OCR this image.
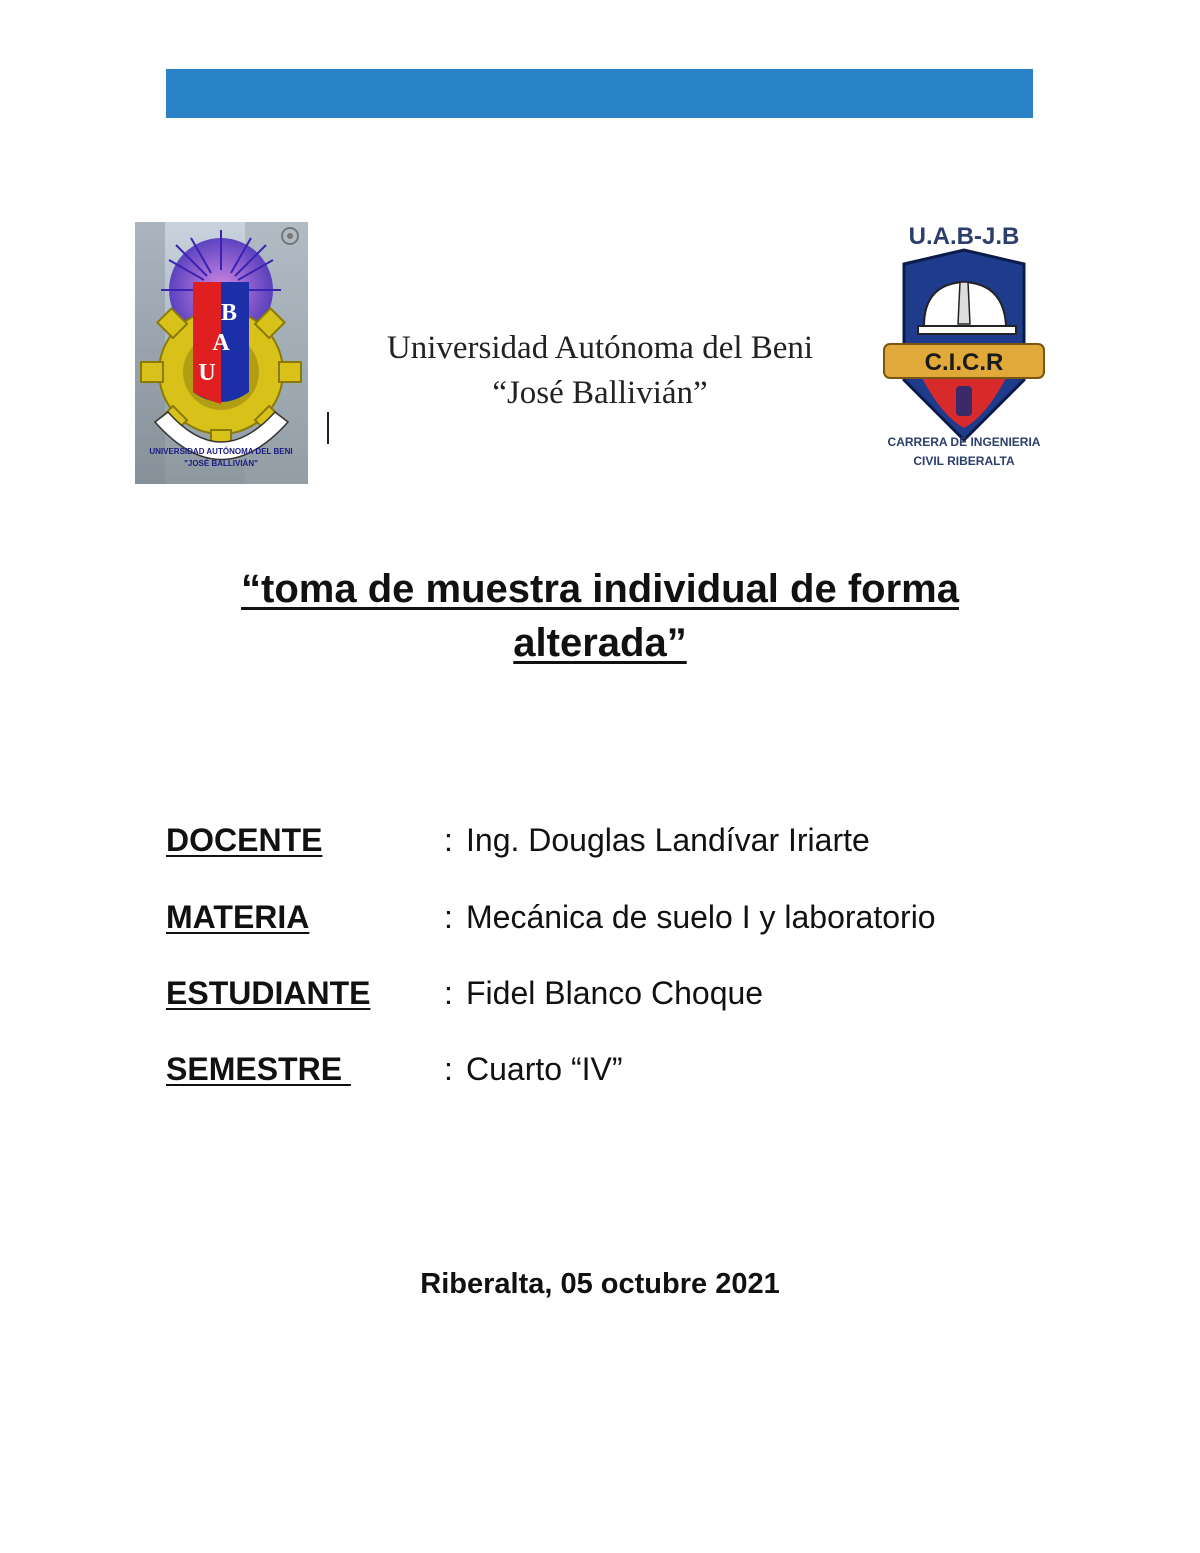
B
A
U
UNIVERSIDAD AUTÓNOMA DEL BENI
"JOSÉ BALLIVIÁN"
Universidad Autónoma del Beni
“José Ballivián”
U.A.B-J.B
C.I.C.R
CARRERA DE INGENIERIA
CIVIL RIBERALTA
“toma de muestra individual de forma alterada”
DOCENTE	: Ing. Douglas Landívar Iriarte
MATERIA	: Mecánica de suelo I y laboratorio
ESTUDIANTE : Fidel Blanco Choque
SEMESTRE	: Cuarto “IV”
Riberalta, 05 octubre 2021
